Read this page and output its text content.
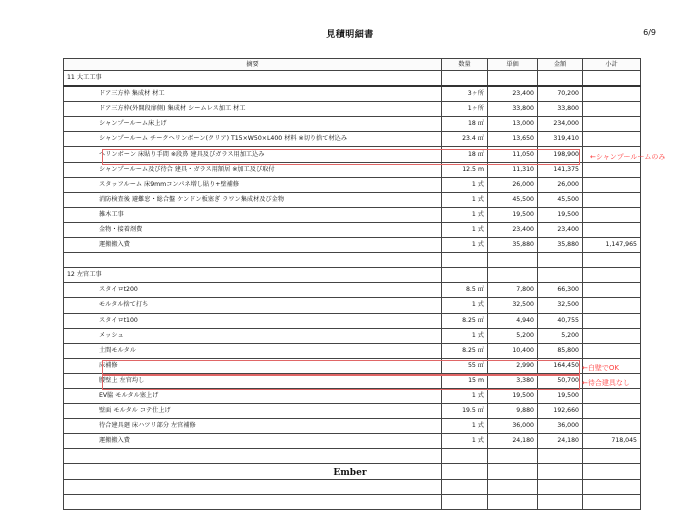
見積明細書	6/9
摘要	数量	単価	金額	小計
11 大工工事				
ドア三方枠 集成材 材工	3ヶ所	23,400	70,200	
ドア三方枠(外開段扉側) 集成材 シームレス加工 材工	1ヶ所	33,800	33,800	
シャンプールーム床上げ	18 ㎡	13,000	234,000	
シャンプールーム チークヘリンボーン(クリア) T15×W50×L400 材料 ※切り捨て材込み	23.4 ㎡	13,650	319,410	
ヘリンボーン 床貼り手間 ※段鼻 建具及びガラス用加工込み	18 ㎡	11,050	198,900	
シャンプールーム及び待合 建具・ガラス用額居 ※加工及び取付	12.5 m	11,310	141,375	
スタッフルーム 床9mmコンパネ増し貼り+壁補修	1 式	26,000	26,000	
消防検査後 避難窓・総合盤 ケンドン板塞ぎ ラワン集成材及び金物	1 式	45,500	45,500	
雑木工事	1 式	19,500	19,500	
金物・接着剤費	1 式	23,400	23,400	
運搬搬入費	1 式	35,880	35,880	1,147,965

12 左官工事				
スタイロt200	8.5 ㎡	7,800	66,300	
モルタル捨て打ち	1 式	32,500	32,500	
スタイロt100	8.25 ㎡	4,940	40,755	
メッシュ	1 式	5,200	5,200	
土間モルタル	8.25 ㎡	10,400	85,800	
床補修	55 ㎡	2,990	164,450	
腰壁上 左官均し	15 m	3,380	50,700	
EV脇 モルタル塞上げ	1 式	19,500	19,500	
壁面 モルタル コテ仕上げ	19.5 ㎡	9,880	192,660	
待合建具廻 床ハツリ部分 左官補修	1 式	36,000	36,000	
運搬搬入費	1 式	24,180	24,180	718,045

←シャンプールームのみ
←白壁でOK
←待合建具なし
Ember
